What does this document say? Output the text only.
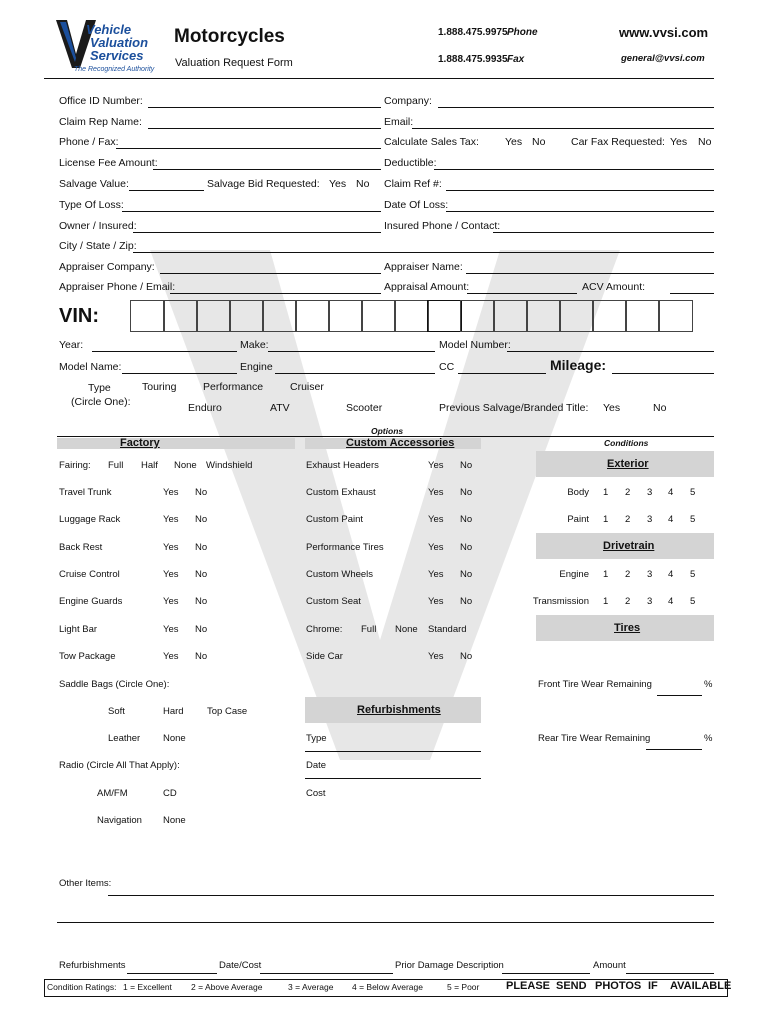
Vehicle
Valuation
Services
The Recognized Authority
Motorcycles
Valuation Request Form
1.888.475.9975 Phone
1.888.475.9935 Fax
www.vvsi.com
general@vvsi.com
Office ID Number:	Company:
Claim Rep Name:	Email:
Phone / Fax:	Calculate Sales Tax: Yes No Car Fax Requested: Yes No
License Fee Amount:	Deductible:
Salvage Value:	Salvage Bid Requested: Yes No Claim Ref #:
Type Of Loss:	Date Of Loss:
Owner / Insured:	Insured Phone / Contact:
City / State / Zip:
Appraiser Company:	Appraiser Name:
Appraiser Phone / Email:	Appraisal Amount:	ACV Amount:
VIN:
Year:	Make:	Model Number:
Model Name:	Engine	CC	Mileage:
Type
(Circle One):
Touring	Performance	Cruiser
Enduro	ATV	Scooter	Previous Salvage/Branded Title: Yes	No
Options
Factory	Custom Accessories	Conditions
Fairing: Full Half None Windshield
Travel Trunk	Yes No
Luggage Rack	Yes No
Back Rest	Yes No
Cruise Control	Yes No
Engine Guards	Yes No
Light Bar	Yes No
Tow Package	Yes No
Saddle Bags (Circle One):
Soft	Hard Top Case
Leather None
Radio (Circle All That Apply):
AM/FM	CD
Navigation None
Exhaust Headers	Yes No
Custom Exhaust	Yes No
Custom Paint	Yes No
Performance Tires	Yes No
Custom Wheels	Yes No
Custom Seat	Yes No
Chrome: Full None Standard
Side Car	Yes No
Refurbishments
Type
Date
Cost
Exterior
Drivetrain
Tires
Body 1 2 3 4 5
Paint 1 2 3 4 5
Engine 1 2 3 4 5
Transmission 1 2 3 4 5
Front Tire Wear Remaining	%
Rear Tire Wear Remaining	%
Other Items:
Refurbishments	Date/Cost	Prior Damage Description	Amount
Condition Ratings: 1 = Excellent 2 = Above Average	3 = Average 4 = Below Average	5 = Poor PLEASE SEND PHOTOS IF AVAILABLE
